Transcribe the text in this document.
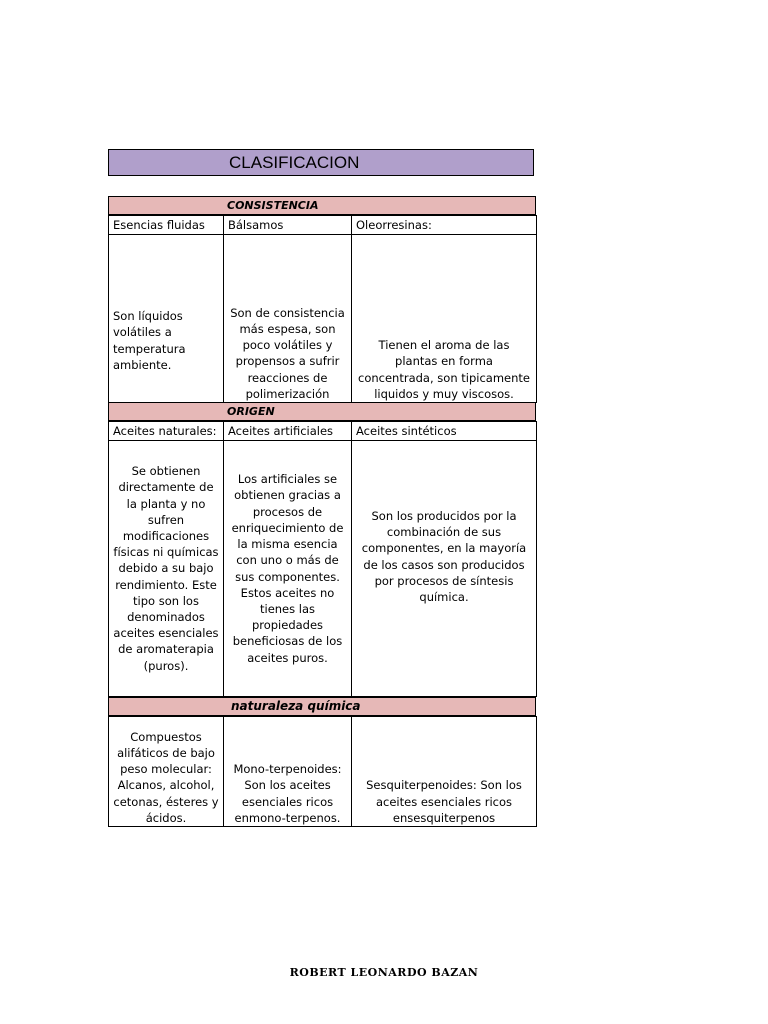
CLASIFICACION
CONSISTENCIA
Esencias fluidas	Bálsamos	Oleorresinas:
Son líquidos volátiles a temperatura ambiente.	Son de consistencia más espesa, son poco volátiles y propensos a sufrir reacciones de polimerización	Tienen el aroma de las plantas en forma concentrada, son tipicamente liquidos y muy viscosos.
ORIGEN
Aceites naturales:	Aceites artificiales	Aceites sintéticos
Se obtienen directamente de la planta y no sufren modificaciones físicas ni químicas debido a su bajo rendimiento. Este tipo son los denominados aceites esenciales de aromaterapia (puros).	Los artificiales se obtienen gracias a procesos de enriquecimiento de la misma esencia con uno o más de sus componentes. Estos aceites no tienes las propiedades beneficiosas de los aceites puros.	Son los producidos por la combinación de sus componentes, en la mayoría de los casos son producidos por procesos de síntesis química.
naturaleza química
Compuestos alifáticos de bajo peso molecular: Alcanos, alcohol, cetonas, ésteres y ácidos.	Mono-terpenoides: Son los aceites esenciales ricos enmono-terpenos.	Sesquiterpenoides: Son los aceites esenciales ricos ensesquiterpenos
ROBERT LEONARDO BAZAN
